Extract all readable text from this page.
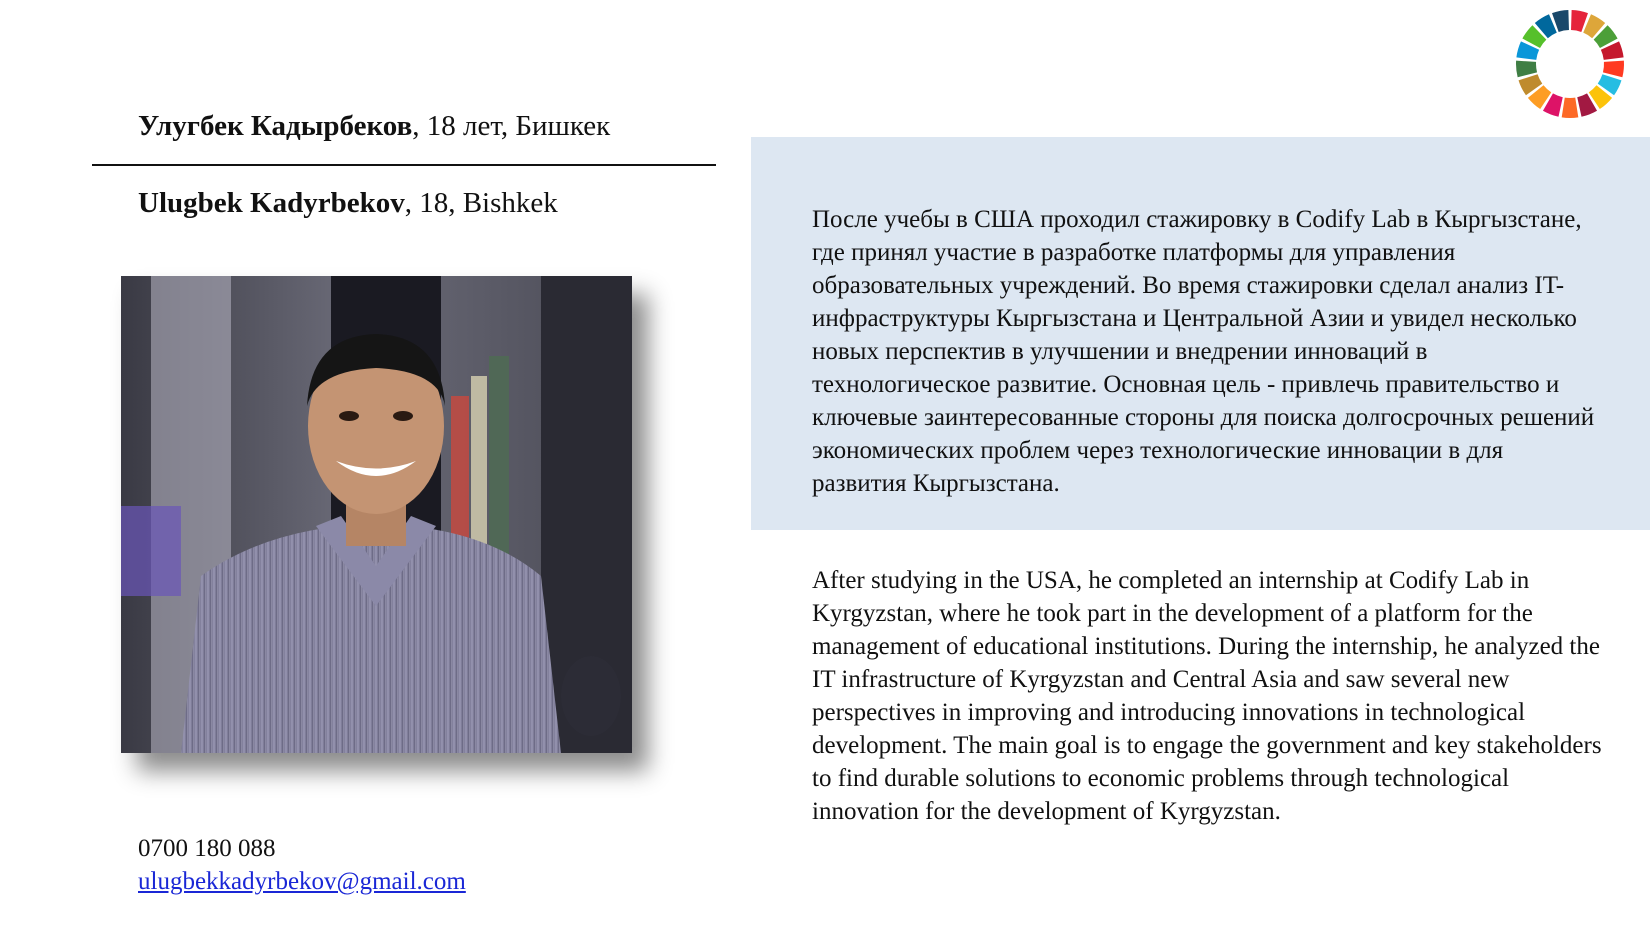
Улугбек Кадырбеков, 18 лет, Бишкек
Ulugbek Kadyrbekov, 18, Bishkek
0700 180 088
ulugbekkadyrbekov@gmail.com

После учебы в США проходил стажировку в Codify Lab в Кыргызстане, где принял участие в разработке платформы для управления образовательных учреждений. Во время стажировки сделал анализ IT-инфраструктуры Кыргызстана и Центральной Азии и увидел несколько новых перспектив в улучшении и внедрении инноваций в технологическое развитие. Основная цель - привлечь правительство и ключевые заинтересованные стороны для поиска долгосрочных решений экономических проблем через технологические инновации в для развития Кыргызстана.

After studying in the USA, he completed an internship at Codify Lab in Kyrgyzstan, where he took part in the development of a platform for the management of educational institutions. During the internship, he analyzed the IT infrastructure of Kyrgyzstan and Central Asia and saw several new perspectives in improving and introducing innovations in technological development. The main goal is to engage the government and key stakeholders to find durable solutions to economic problems through technological innovation for the development of Kyrgyzstan.
